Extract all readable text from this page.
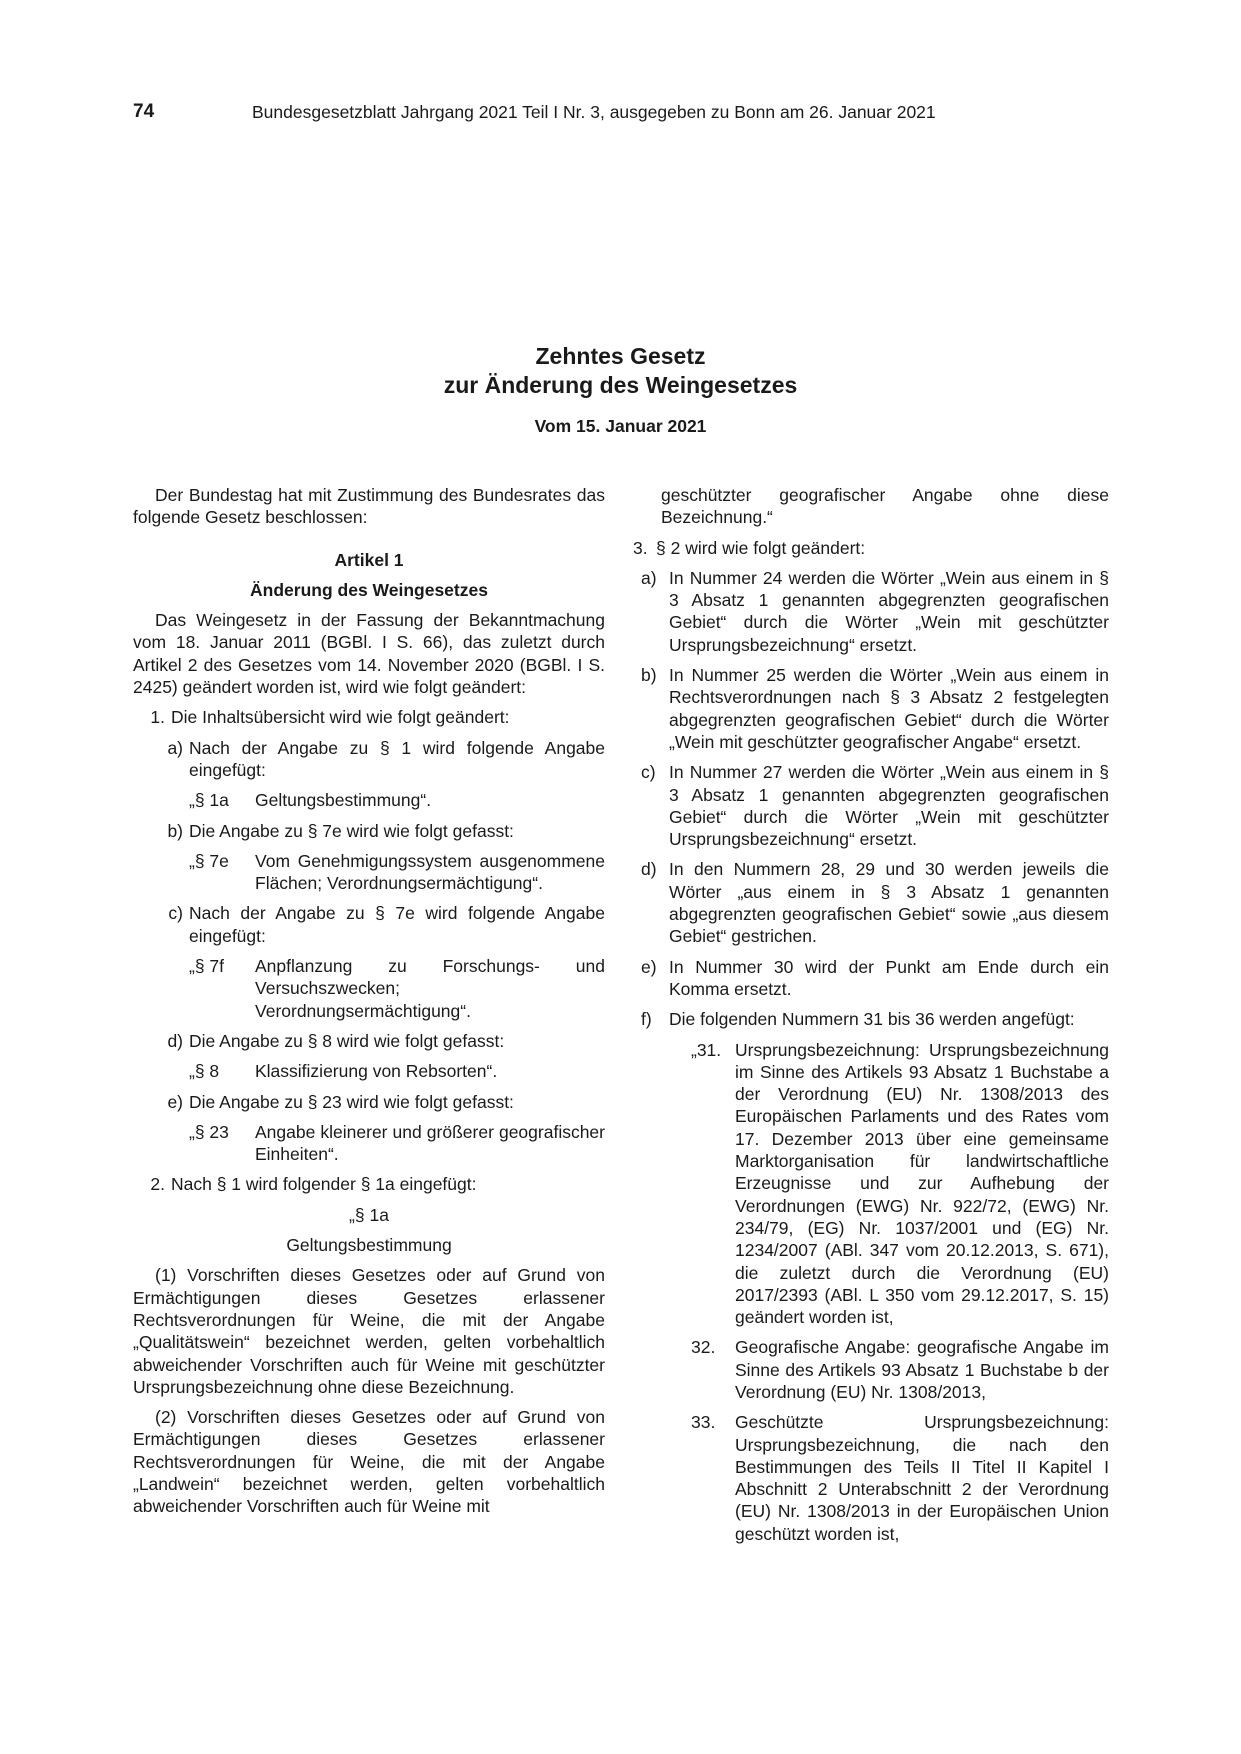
74	Bundesgesetzblatt Jahrgang 2021 Teil I Nr. 3, ausgegeben zu Bonn am 26. Januar 2021
Zehntes Gesetz
zur Änderung des Weingesetzes
Vom 15. Januar 2021

Der Bundestag hat mit Zustimmung des Bundesrates das folgende Gesetz beschlossen:

Artikel 1

Änderung des Weingesetzes

Das Weingesetz in der Fassung der Bekanntmachung vom 18. Januar 2011 (BGBl. I S. 66), das zuletzt durch Artikel 2 des Gesetzes vom 14. November 2020 (BGBl. I S. 2425) geändert worden ist, wird wie folgt geändert:

1. Die Inhaltsübersicht wird wie folgt geändert:
a) Nach der Angabe zu § 1 wird folgende Angabe eingefügt:
„§ 1a	Geltungsbestimmung“.
b) Die Angabe zu § 7e wird wie folgt gefasst:
„§ 7e	Vom Genehmigungssystem ausgenommene Flächen; Verordnungsermächtigung“.
c) Nach der Angabe zu § 7e wird folgende Angabe eingefügt:
„§ 7f	Anpflanzung zu Forschungs- und Versuchszwecken; Verordnungsermächtigung“.
d) Die Angabe zu § 8 wird wie folgt gefasst:
„§ 8	Klassifizierung von Rebsorten“.
e) Die Angabe zu § 23 wird wie folgt gefasst:
„§ 23	Angabe kleinerer und größerer geografischer Einheiten“.
2. Nach § 1 wird folgender § 1a eingefügt:

„§ 1a

Geltungsbestimmung

(1) Vorschriften dieses Gesetzes oder auf Grund von Ermächtigungen dieses Gesetzes erlassener Rechtsverordnungen für Weine, die mit der Angabe „Qualitätswein“ bezeichnet werden, gelten vorbehaltlich abweichender Vorschriften auch für Weine mit geschützter Ursprungsbezeichnung ohne diese Bezeichnung.

(2) Vorschriften dieses Gesetzes oder auf Grund von Ermächtigungen dieses Gesetzes erlassener Rechtsverordnungen für Weine, die mit der Angabe „Landwein“ bezeichnet werden, gelten vorbehaltlich abweichender Vorschriften auch für Weine mit

geschützter geografischer Angabe ohne diese Bezeichnung.“

3. § 2 wird wie folgt geändert:
a) In Nummer 24 werden die Wörter „Wein aus einem in § 3 Absatz 1 genannten abgegrenzten geografischen Gebiet“ durch die Wörter „Wein mit geschützter Ursprungsbezeichnung“ ersetzt.
b) In Nummer 25 werden die Wörter „Wein aus einem in Rechtsverordnungen nach § 3 Absatz 2 festgelegten abgegrenzten geografischen Gebiet“ durch die Wörter „Wein mit geschützter geografischer Angabe“ ersetzt.
c) In Nummer 27 werden die Wörter „Wein aus einem in § 3 Absatz 1 genannten abgegrenzten geografischen Gebiet“ durch die Wörter „Wein mit geschützter Ursprungsbezeichnung“ ersetzt.
d) In den Nummern 28, 29 und 30 werden jeweils die Wörter „aus einem in § 3 Absatz 1 genannten abgegrenzten geografischen Gebiet“ sowie „aus diesem Gebiet“ gestrichen.
e) In Nummer 30 wird der Punkt am Ende durch ein Komma ersetzt.
f) Die folgenden Nummern 31 bis 36 werden angefügt:
„31. Ursprungsbezeichnung: Ursprungsbezeichnung im Sinne des Artikels 93 Absatz 1 Buchstabe a der Verordnung (EU) Nr. 1308/2013 des Europäischen Parlaments und des Rates vom 17. Dezember 2013 über eine gemeinsame Marktorganisation für landwirtschaftliche Erzeugnisse und zur Aufhebung der Verordnungen (EWG) Nr. 922/72, (EWG) Nr. 234/79, (EG) Nr. 1037/2001 und (EG) Nr. 1234/2007 (ABl. 347 vom 20.12.2013, S. 671), die zuletzt durch die Verordnung (EU) 2017/2393 (ABl. L 350 vom 29.12.2017, S. 15) geändert worden ist,
32.	Geografische Angabe: geografische Angabe im Sinne des Artikels 93 Absatz 1 Buchstabe b der Verordnung (EU) Nr. 1308/2013,
33.	Geschützte Ursprungsbezeichnung: Ursprungsbezeichnung, die nach den Bestimmungen des Teils II Titel II Kapitel I Abschnitt 2 Unterabschnitt 2 der Verordnung (EU) Nr. 1308/2013 in der Europäischen Union geschützt worden ist,
